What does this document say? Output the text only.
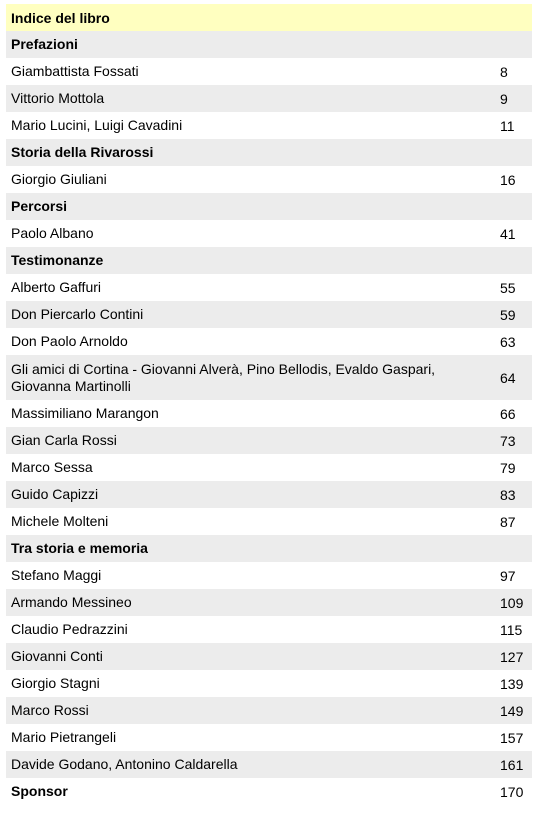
Indice del libro
Prefazioni
Giambattista Fossati	8
Vittorio Mottola	9
Mario Lucini, Luigi Cavadini	11
Storia della Rivarossi
Giorgio Giuliani	16
Percorsi
Paolo Albano	41
Testimonanze
Alberto Gaffuri	55
Don Piercarlo Contini	59
Don Paolo Arnoldo	63
Gli amici di Cortina - Giovanni Alverà, Pino Bellodis, Evaldo Gaspari, Giovanna Martinolli	64
Massimiliano Marangon	66
Gian Carla Rossi	73
Marco Sessa	79
Guido Capizzi	83
Michele Molteni	87
Tra storia e memoria
Stefano Maggi	97
Armando Messineo	109
Claudio Pedrazzini	115
Giovanni Conti	127
Giorgio Stagni	139
Marco Rossi	149
Mario Pietrangeli	157
Davide Godano, Antonino Caldarella	161
Sponsor	170
